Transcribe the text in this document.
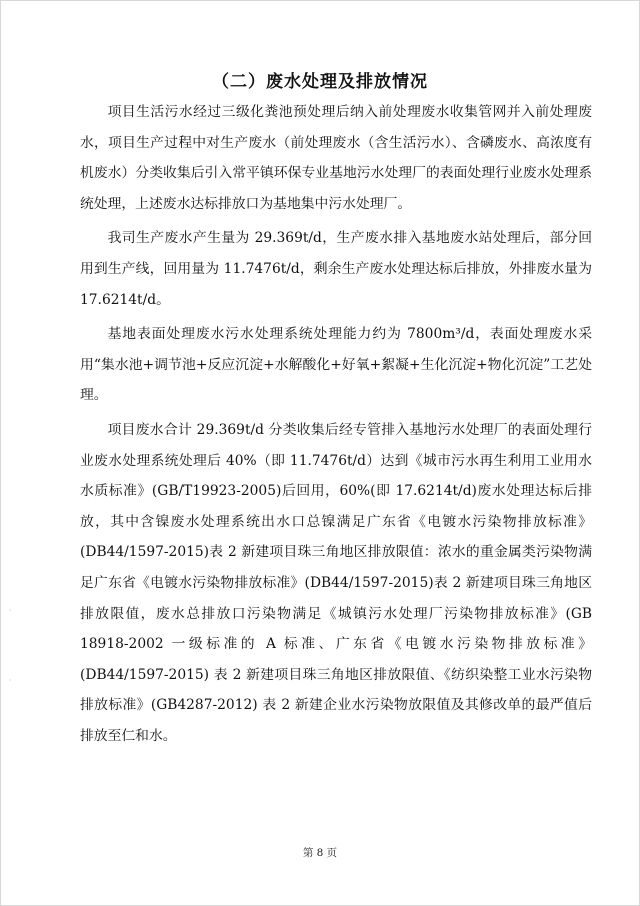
（二）废水处理及排放情况

项目生活污水经过三级化粪池预处理后纳入前处理废水收集管网并入前处理废水，项目生产过程中对生产废水（前处理废水（含生活污水）、含磷废水、高浓度有机废水）分类收集后引入常平镇环保专业基地污水处理厂的表面处理行业废水处理系统处理，上述废水达标排放口为基地集中污水处理厂。

我司生产废水产生量为 29.369t/d，生产废水排入基地废水站处理后，部分回用到生产线，回用量为 11.7476t/d，剩余生产废水处理达标后排放，外排废水量为 17.6214t/d。

基地表面处理废水污水处理系统处理能力约为 7800m³/d，表面处理废水采用“集水池+调节池+反应沉淀+水解酸化+好氧+絮凝+生化沉淀+物化沉淀”工艺处理。

项目废水合计 29.369t/d 分类收集后经专管排入基地污水处理厂的表面处理行业废水处理系统处理后 40%（即 11.7476t/d）达到《城市污水再生利用工业用水水质标准》(GB/T19923-2005)后回用，60%(即 17.6214t/d)废水处理达标后排放，其中含镍废水处理系统出水口总镍满足广东省《电镀水污染物排放标准》(DB44/1597-2015)表 2 新建项目珠三角地区排放限值：浓水的重金属类污染物满足广东省《电镀水污染物排放标准》(DB44/1597-2015)表 2 新建项目珠三角地区排放限值，废水总排放口污染物满足《城镇污水处理厂污染物排放标准》(GB 18918-2002 一级标准的 A 标准、广东省《电镀水污染物排放标准》(DB44/1597-2015) 表 2 新建项目珠三角地区排放限值、《纺织染整工业水污染物排放标准》(GB4287-2012) 表 2 新建企业水污染物放限值及其修改单的最严值后排放至仁和水。

·
·
第 8 页
